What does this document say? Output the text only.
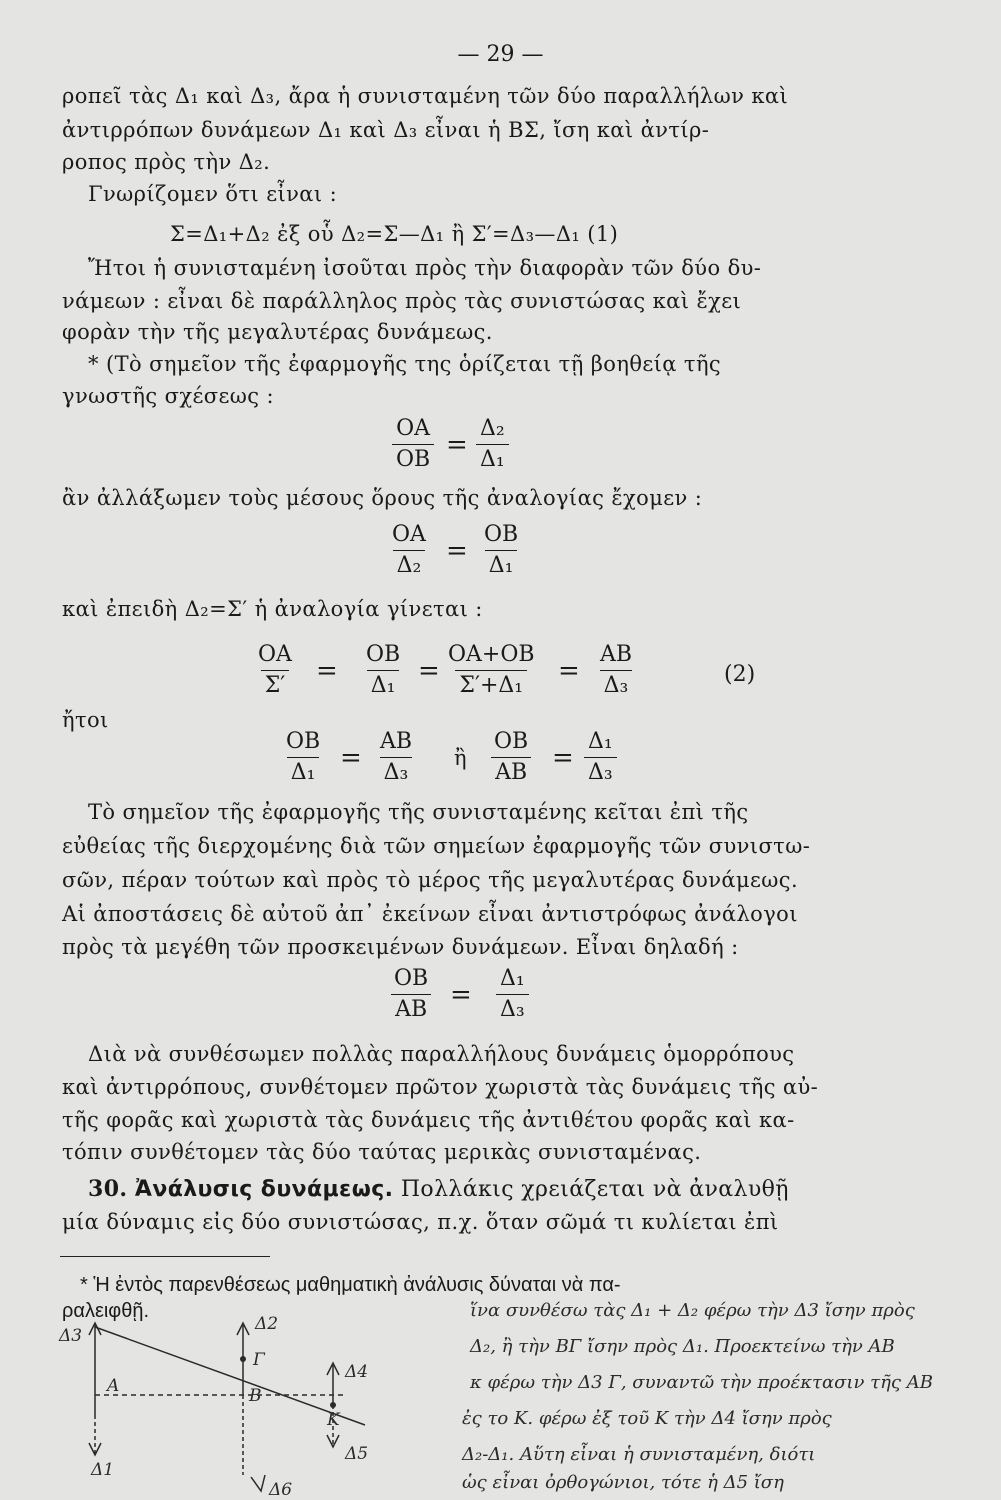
— 29 —
ροπεῖ τὰς Δ₁ καὶ Δ₃, ἄρα ἡ συνισταμένη τῶν δύο παραλλήλων καὶ
ἀντιρρόπων δυνάμεων Δ₁ καὶ Δ₃ εἶναι ἡ ΒΣ, ἴση καὶ ἀντίρ-
ροπος πρὸς τὴν Δ₂.
Γνωρίζομεν ὅτι εἶναι :
Σ=Δ₁+Δ₂ ἐξ οὗ Δ₂=Σ—Δ₁ ἢ Σ′=Δ₃—Δ₁ (1)
Ἤτοι ἡ συνισταμένη ἰσοῦται πρὸς τὴν διαφορὰν τῶν δύο δυ-
νάμεων : εἶναι δὲ παράλληλος πρὸς τὰς συνιστώσας καὶ ἔχει
φορὰν τὴν τῆς μεγαλυτέρας δυνάμεως.
* (Τὸ σημεῖον τῆς ἐφαρμογῆς της ὁρίζεται τῇ βοηθείᾳ τῆς
γνωστῆς σχέσεως :
$\frac{OA}{OB} = \frac{\text{Δ₂}}{\text{Δ₁}}$
ἂν ἀλλάξωμεν τοὺς μέσους ὅρους τῆς ἀναλογίας ἔχομεν :
$\frac{OA}{\text{Δ₂}} = \frac{OB}{\text{Δ₁}}$
καὶ ἐπειδὴ Δ₂=Σ′ ἡ ἀναλογία γίνεται :
$\frac{OA}{\Sigma'} = \frac{OB}{\text{Δ₁}} = \frac{OA+OB}{\text{Σ′+Δ₁}} = \frac{AB}{\text{Δ₃}}$	(2)
ἤτοι
$\frac{OB}{\text{Δ₁}} = \frac{AB}{\text{Δ₃}}$ ἢ $\frac{OB}{AB} = \frac{\text{Δ₁}}{\text{Δ₃}}$
Τὸ σημεῖον τῆς ἐφαρμογῆς τῆς συνισταμένης κεῖται ἐπὶ τῆς
εὐθείας τῆς διερχομένης διὰ τῶν σημείων ἐφαρμογῆς τῶν συνιστω-
σῶν, πέραν τούτων καὶ πρὸς τὸ μέρος τῆς μεγαλυτέρας δυνάμεως.
Αἱ ἀποστάσεις δὲ αὐτοῦ ἀπ᾽ ἐκείνων εἶναι ἀντιστρόφως ἀνάλογοι
πρὸς τὰ μεγέθη τῶν προσκειμένων δυνάμεων. Εἶναι δηλαδή :
$\frac{OB}{AB} = \frac{\text{Δ₁}}{\text{Δ₃}}$
Διὰ νὰ συνθέσωμεν πολλὰς παραλλήλους δυνάμεις ὁμορρόπους
καὶ ἀντιρρόπους, συνθέτομεν πρῶτον χωριστὰ τὰς δυνάμεις τῆς αὐ-
τῆς φορᾶς καὶ χωριστὰ τὰς δυνάμεις τῆς ἀντιθέτου φορᾶς καὶ κα-
τόπιν συνθέτομεν τὰς δύο ταύτας μερικὰς συνισταμένας.
30. Ἀνάλυσις δυνάμεως. Πολλάκις χρειάζεται νὰ ἀναλυθῇ
μία δύναμις εἰς δύο συνιστώσας, π.χ. ὅταν σῶμά τι κυλίεται ἐπὶ
* Ἡ ἐντὸς παρενθέσεως μαθηματικὴ ἀνάλυσις δύναται νὰ πα-
ραλειφθῇ.	ἵνα συνθέσω τὰς Δ₁ + Δ₂ φέρω τὴν Δ3 ἴσην πρὸς
Δ₂, ἢ τὴν ΒΓ ἴσην πρὸς Δ₁. Προεκτείνω τὴν ΑΒ
κ φέρω τὴν Δ3 Γ, συναντῶ τὴν προέκτασιν τῆς ΑΒ
ἐς το Κ. φέρω ἐξ τοῦ Κ τὴν Δ4 ἴσην πρὸς
Δ₂-Δ₁. Αὕτη εἶναι ἡ συνισταμένη, διότι
ὡς εἶναι ὀρθογώνιοι, τότε ἡ Δ5 ἴση
Δ3
Δ2
Δ4
Δ1
Δ5
Δ6
Α	Β
Γ
Κ
